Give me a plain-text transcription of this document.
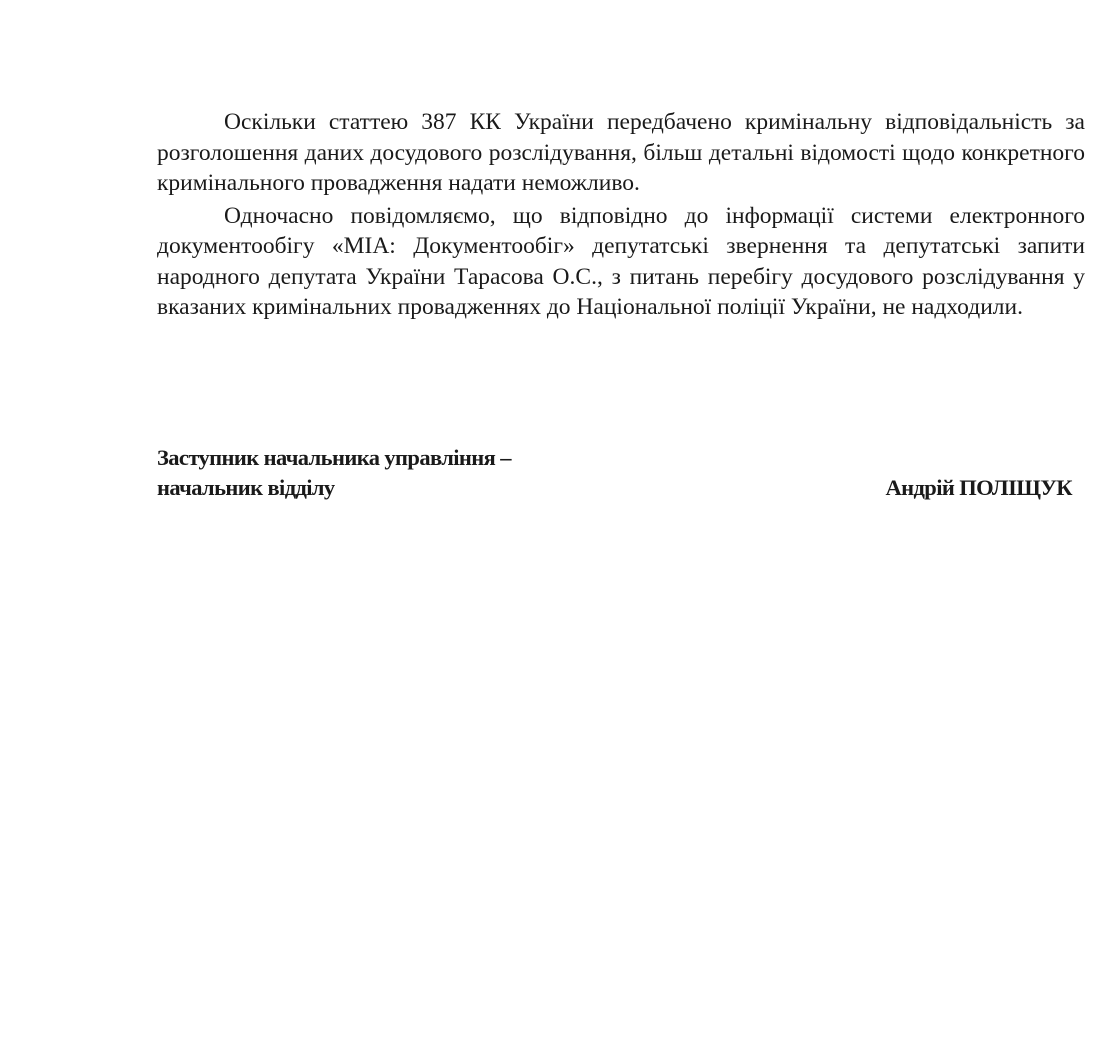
Оскільки статтею 387 КК України передбачено кримінальну відповідальність за розголошення даних досудового розслідування, більш детальні відомості щодо конкретного кримінального провадження надати неможливо.

Одночасно повідомляємо, що відповідно до інформації системи електронного документообігу «МІА: Документообіг» депутатські звернення та депутатські запити народного депутата України Тарасова О.С., з питань перебігу досудового розслідування у вказаних кримінальних провадженнях до Національної поліції України, не надходили.

Заступник начальника управління –
начальник відділу	Андрій ПОЛІЩУК
